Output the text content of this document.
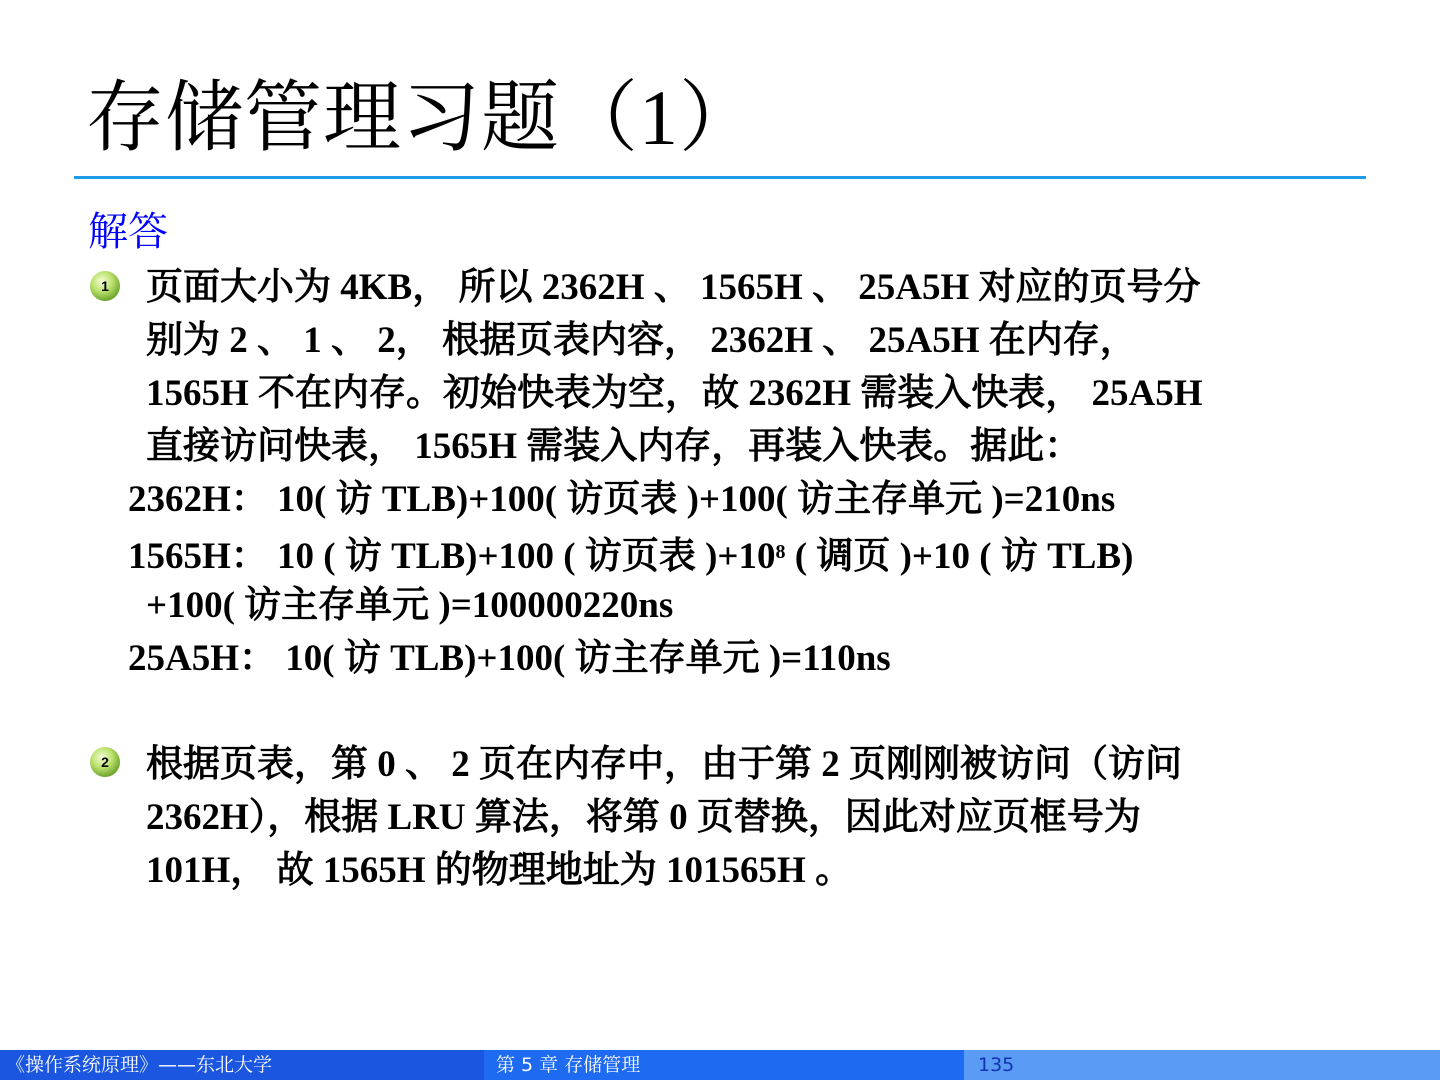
存储管理习题（1）
解答
1	页面大小为 4KB， 所以 2362H 、 1565H 、 25A5H 对应的页号分
别为 2 、 1 、 2， 根据页表内容， 2362H 、 25A5H 在内存，
1565H 不在内存。初始快表为空，故 2362H 需装入快表， 25A5H
直接访问快表， 1565H 需装入内存，再装入快表。据此：
2362H： 10( 访 TLB)+100( 访页表 )+100( 访主存单元 )=210ns
1565H： 10 ( 访 TLB)+100 ( 访页表 )$+10^8$ ( 调页 )+10 ( 访 TLB)
+100( 访主存单元 )=100000220ns
25A5H： 10( 访 TLB)+100( 访主存单元 )=110ns
2	根据页表，第 0 、 2 页在内存中，由于第 2 页刚刚被访问（访问
2362H），根据 LRU 算法，将第 0 页替换，因此对应页框号为
101H， 故 1565H 的物理地址为 101565H 。
《操作系统原理》——东北大学	第 5 章 存储管理	135
